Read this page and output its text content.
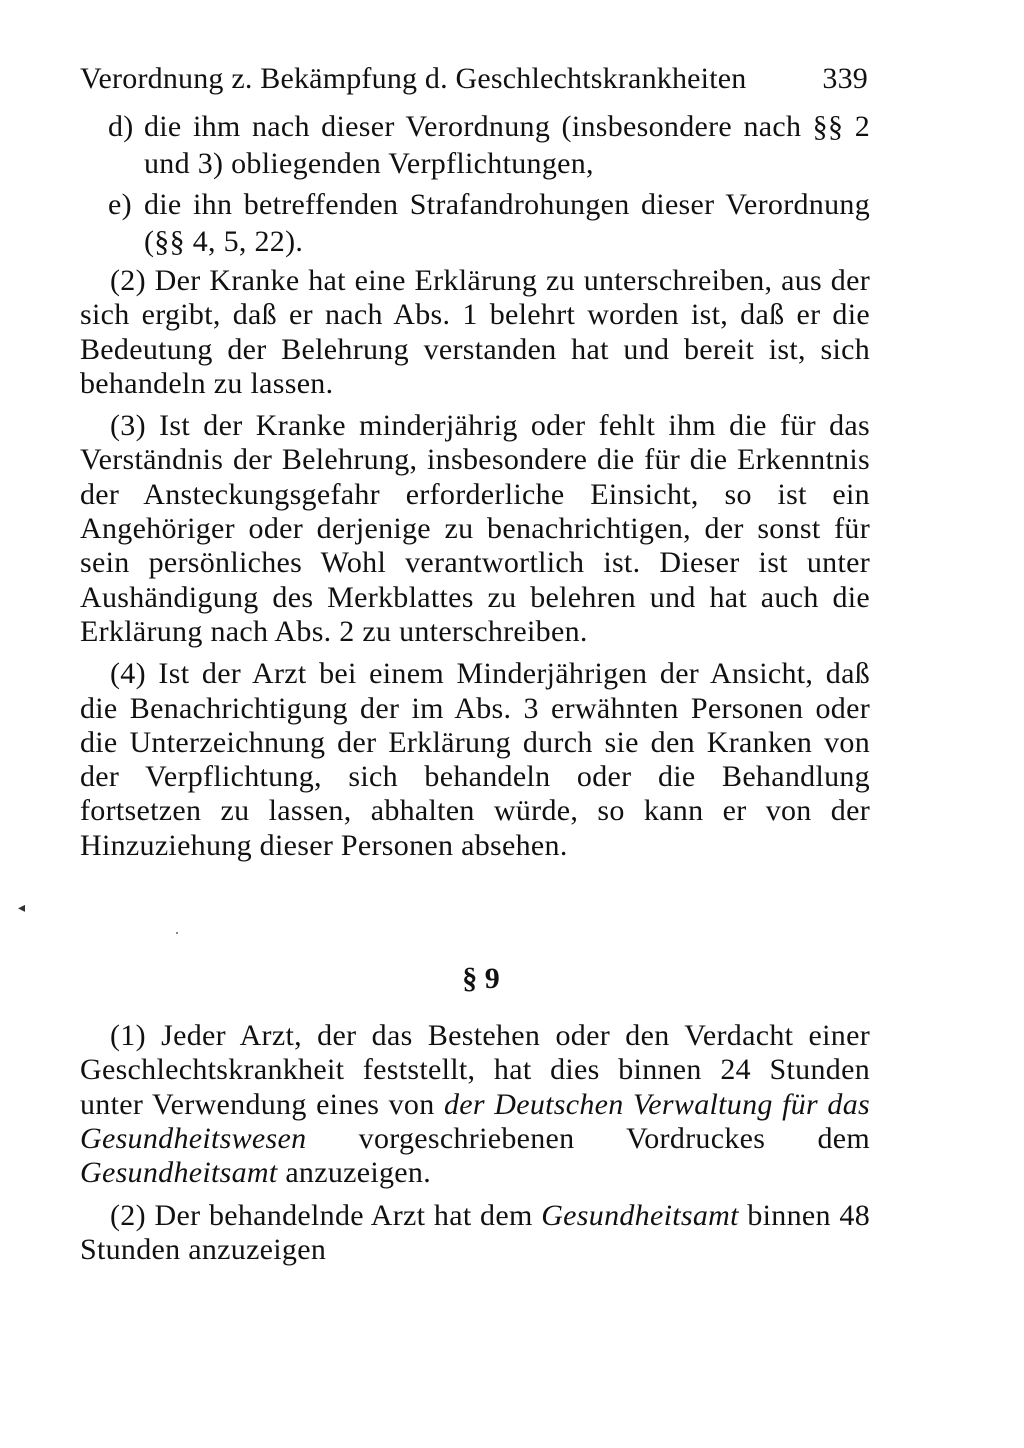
Verordnung z. Bekämpfung d. Geschlechtskrankheiten	339
d) die ihm nach dieser Verordnung (insbesondere nach §§ 2 und 3) obliegenden Verpflichtungen,
e) die ihn betreffenden Strafandrohungen dieser Verordnung (§§ 4, 5, 22).

(2) Der Kranke hat eine Erklärung zu unterschreiben, aus der sich ergibt, daß er nach Abs. 1 belehrt worden ist, daß er die Bedeutung der Belehrung verstanden hat und bereit ist, sich behandeln zu lassen.

(3) Ist der Kranke minderjährig oder fehlt ihm die für das Verständnis der Belehrung, insbesondere die für die Erkenntnis der Ansteckungsgefahr erforderliche Einsicht, so ist ein Angehöriger oder derjenige zu benachrichtigen, der sonst für sein persönliches Wohl verantwortlich ist. Dieser ist unter Aushändigung des Merkblattes zu belehren und hat auch die Erklärung nach Abs. 2 zu unterschreiben.

(4) Ist der Arzt bei einem Minderjährigen der Ansicht, daß die Benachrichtigung der im Abs. 3 erwähnten Personen oder die Unterzeichnung der Erklärung durch sie den Kranken von der Verpflichtung, sich behandeln oder die Behandlung fortsetzen zu lassen, abhalten würde, so kann er von der Hinzuziehung dieser Personen absehen.

§ 9

(1) Jeder Arzt, der das Bestehen oder den Verdacht einer Geschlechtskrankheit feststellt, hat dies binnen 24 Stunden unter Verwendung eines von der Deutschen Verwaltung für das Gesundheitswesen vorgeschriebenen Vordruckes dem Gesundheitsamt anzuzeigen.

(2) Der behandelnde Arzt hat dem Gesundheitsamt binnen 48 Stunden anzuzeigen

◂
